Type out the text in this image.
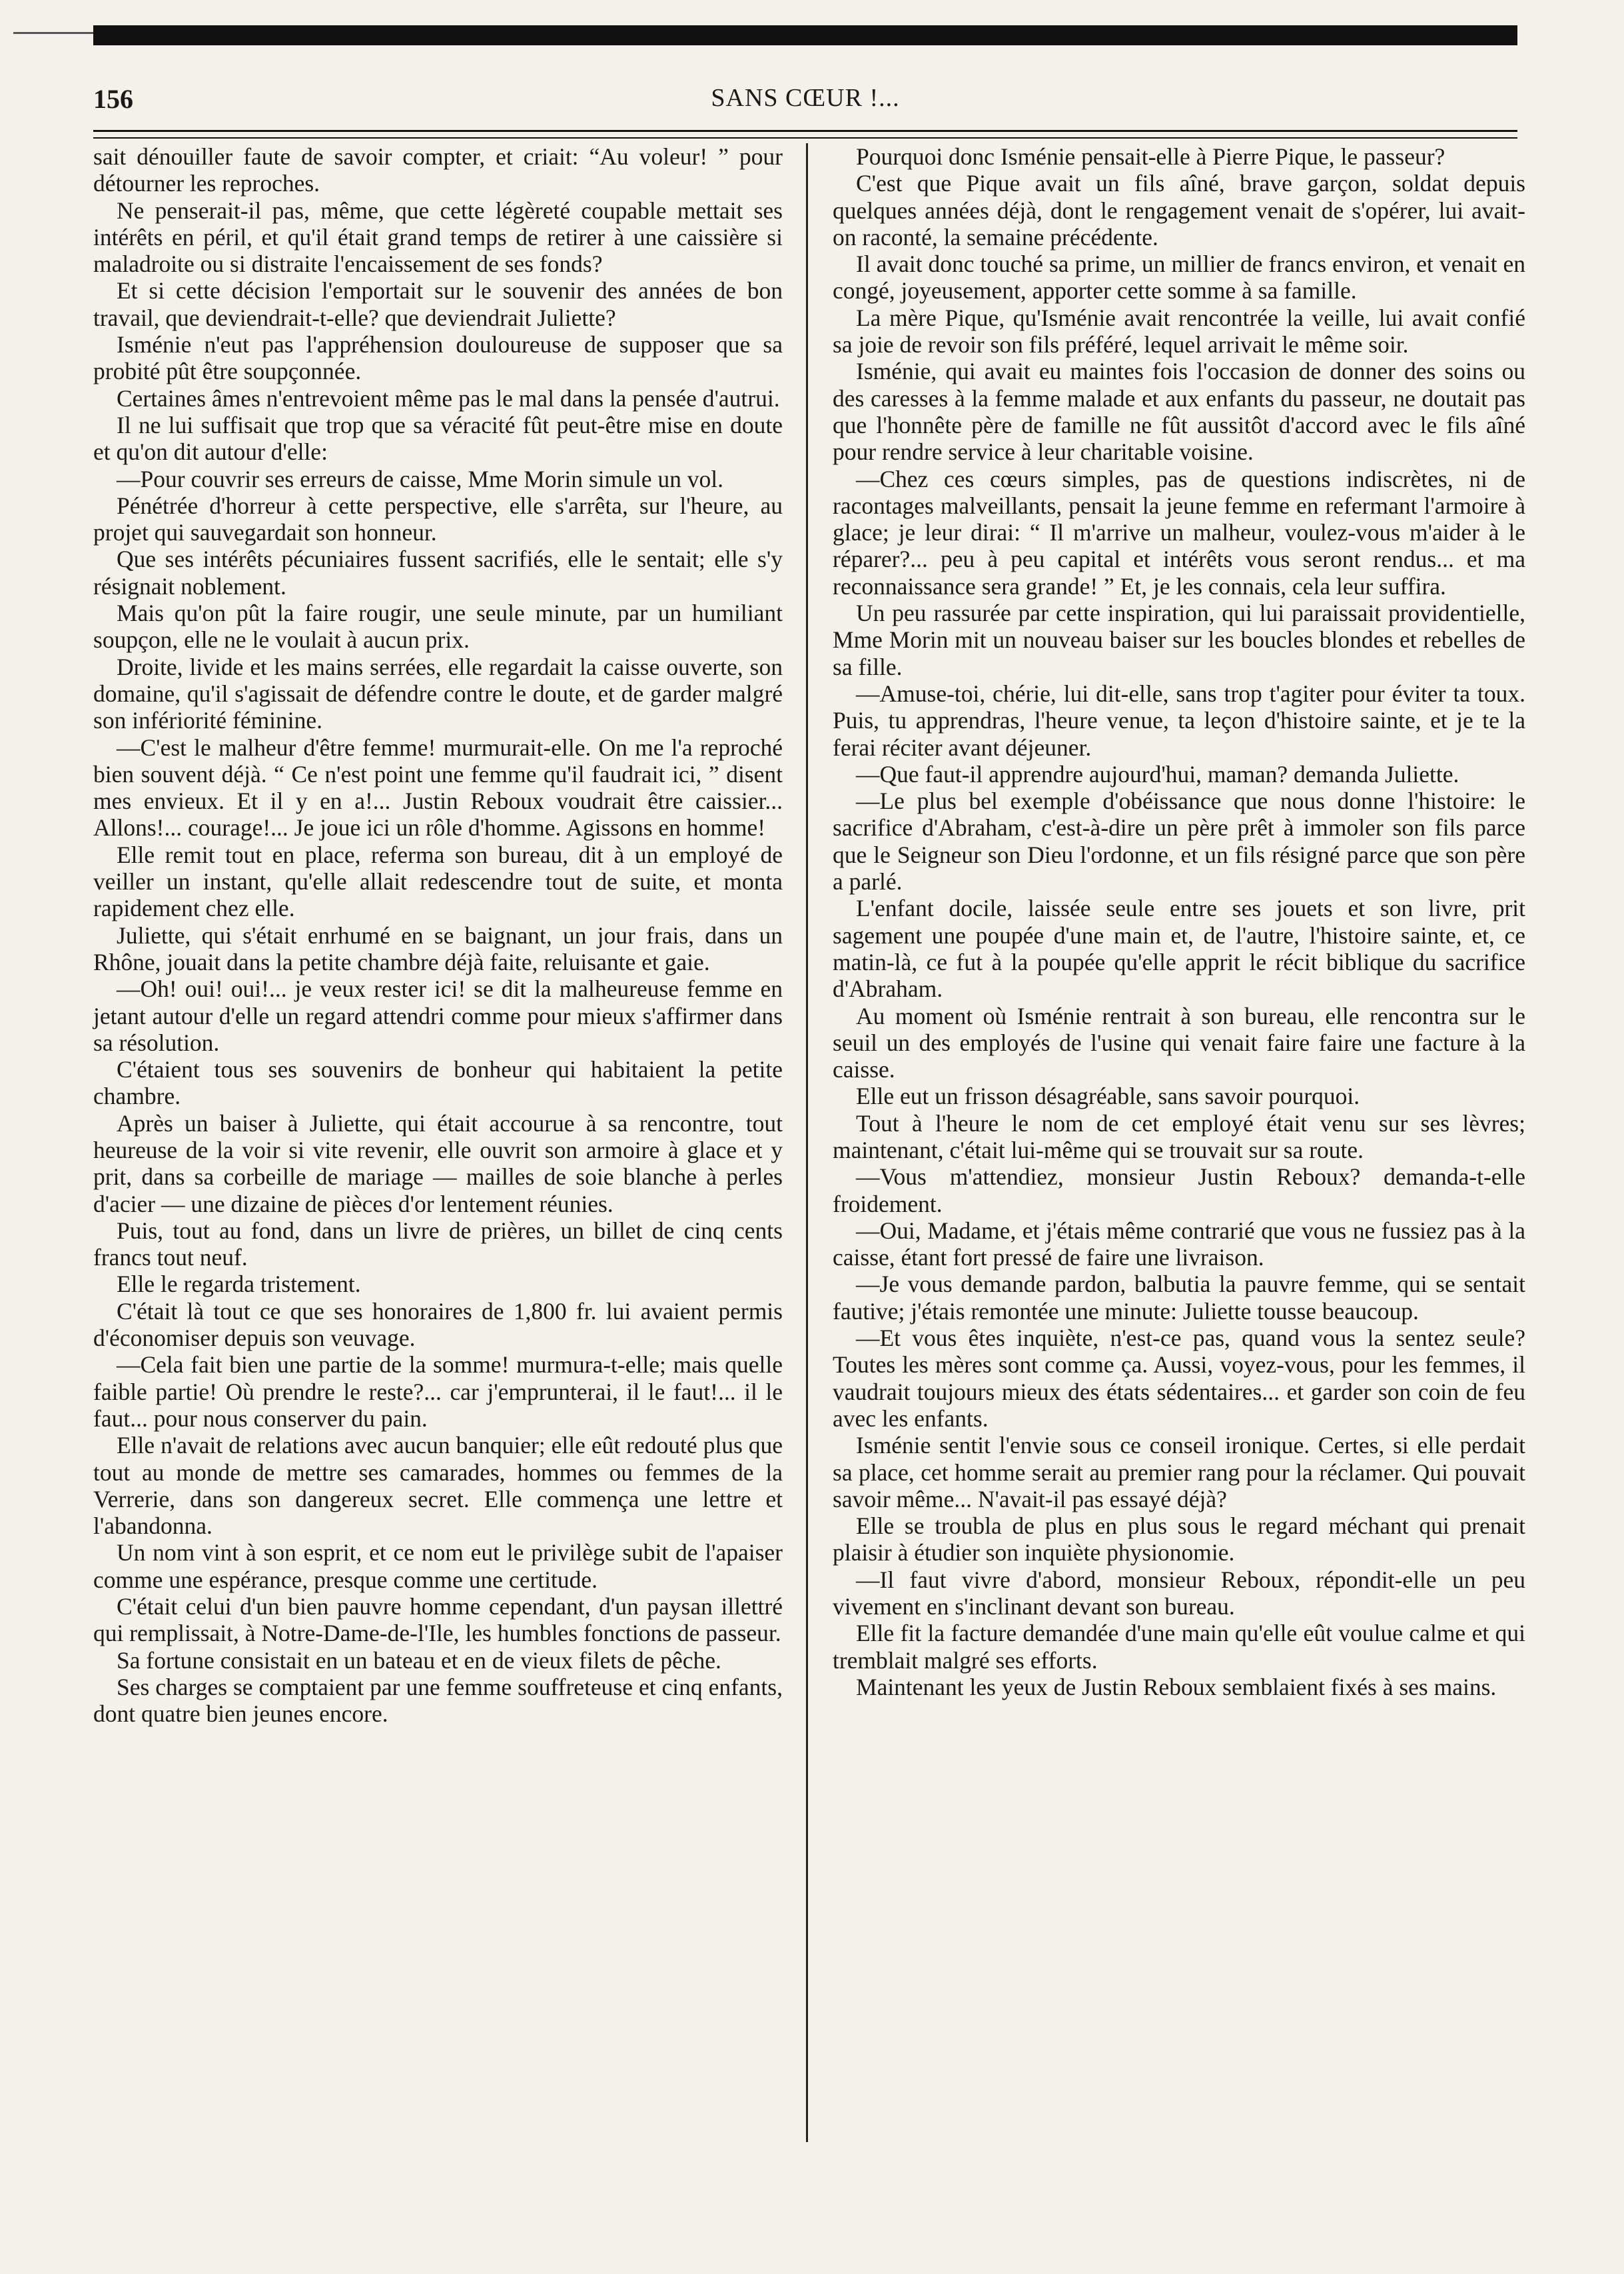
156	SANS CŒUR !...

sait dénouiller faute de savoir compter, et criait: “Au voleur! ” pour détourner les reproches.

Ne penserait-il pas, même, que cette légèreté coupable mettait ses intérêts en péril, et qu'il était grand temps de retirer à une caissière si maladroite ou si distraite l'encaissement de ses fonds?

Et si cette décision l'emportait sur le souvenir des années de bon travail, que deviendrait-t-elle? que deviendrait Juliette?

Isménie n'eut pas l'appréhension douloureuse de supposer que sa probité pût être soupçonnée.

Certaines âmes n'entrevoient même pas le mal dans la pensée d'autrui.

Il ne lui suffisait que trop que sa véracité fût peut-être mise en doute et qu'on dit autour d'elle:

—Pour couvrir ses erreurs de caisse, Mme Morin simule un vol.

Pénétrée d'horreur à cette perspective, elle s'arrêta, sur l'heure, au projet qui sauvegardait son honneur.

Que ses intérêts pécuniaires fussent sacrifiés, elle le sentait; elle s'y résignait noblement.

Mais qu'on pût la faire rougir, une seule minute, par un humiliant soupçon, elle ne le voulait à aucun prix.

Droite, livide et les mains serrées, elle regardait la caisse ouverte, son domaine, qu'il s'agissait de défendre contre le doute, et de garder malgré son infériorité féminine.

—C'est le malheur d'être femme! murmurait-elle. On me l'a reproché bien souvent déjà. “ Ce n'est point une femme qu'il faudrait ici, ” disent mes envieux. Et il y en a!... Justin Reboux voudrait être caissier... Allons!... courage!... Je joue ici un rôle d'homme. Agissons en homme!

Elle remit tout en place, referma son bureau, dit à un employé de veiller un instant, qu'elle allait redescendre tout de suite, et monta rapidement chez elle.

Juliette, qui s'était enrhumé en se baignant, un jour frais, dans un Rhône, jouait dans la petite chambre déjà faite, reluisante et gaie.

—Oh! oui! oui!... je veux rester ici! se dit la malheureuse femme en jetant autour d'elle un regard attendri comme pour mieux s'affirmer dans sa résolution.

C'étaient tous ses souvenirs de bonheur qui habitaient la petite chambre.

Après un baiser à Juliette, qui était accourue à sa rencontre, tout heureuse de la voir si vite revenir, elle ouvrit son armoire à glace et y prit, dans sa corbeille de mariage — mailles de soie blanche à perles d'acier — une dizaine de pièces d'or lentement réunies.

Puis, tout au fond, dans un livre de prières, un billet de cinq cents francs tout neuf.

Elle le regarda tristement.

C'était là tout ce que ses honoraires de 1,800 fr. lui avaient permis d'économiser depuis son veuvage.

—Cela fait bien une partie de la somme! murmura-t-elle; mais quelle faible partie! Où prendre le reste?... car j'emprunterai, il le faut!... il le faut... pour nous conserver du pain.

Elle n'avait de relations avec aucun banquier; elle eût redouté plus que tout au monde de mettre ses camarades, hommes ou femmes de la Verrerie, dans son dangereux secret. Elle commença une lettre et l'abandonna.

Un nom vint à son esprit, et ce nom eut le privilège subit de l'apaiser comme une espérance, presque comme une certitude.

C'était celui d'un bien pauvre homme cependant, d'un paysan illettré qui remplissait, à Notre-Dame-de-l'Ile, les humbles fonctions de passeur.

Sa fortune consistait en un bateau et en de vieux filets de pêche.

Ses charges se comptaient par une femme souffreteuse et cinq enfants, dont quatre bien jeunes encore.

Pourquoi donc Isménie pensait-elle à Pierre Pique, le passeur?

C'est que Pique avait un fils aîné, brave garçon, soldat depuis quelques années déjà, dont le rengagement venait de s'opérer, lui avait-on raconté, la semaine précédente.

Il avait donc touché sa prime, un millier de francs environ, et venait en congé, joyeusement, apporter cette somme à sa famille.

La mère Pique, qu'Isménie avait rencontrée la veille, lui avait confié sa joie de revoir son fils préféré, lequel arrivait le même soir.

Isménie, qui avait eu maintes fois l'occasion de donner des soins ou des caresses à la femme malade et aux enfants du passeur, ne doutait pas que l'honnête père de famille ne fût aussitôt d'accord avec le fils aîné pour rendre service à leur charitable voisine.

—Chez ces cœurs simples, pas de questions indiscrètes, ni de racontages malveillants, pensait la jeune femme en refermant l'armoire à glace; je leur dirai: “ Il m'arrive un malheur, voulez-vous m'aider à le réparer?... peu à peu capital et intérêts vous seront rendus... et ma reconnaissance sera grande! ” Et, je les connais, cela leur suffira.

Un peu rassurée par cette inspiration, qui lui paraissait providentielle, Mme Morin mit un nouveau baiser sur les boucles blondes et rebelles de sa fille.

—Amuse-toi, chérie, lui dit-elle, sans trop t'agiter pour éviter ta toux. Puis, tu apprendras, l'heure venue, ta leçon d'histoire sainte, et je te la ferai réciter avant déjeuner.

—Que faut-il apprendre aujourd'hui, maman? demanda Juliette.

—Le plus bel exemple d'obéissance que nous donne l'histoire: le sacrifice d'Abraham, c'est-à-dire un père prêt à immoler son fils parce que le Seigneur son Dieu l'ordonne, et un fils résigné parce que son père a parlé.

L'enfant docile, laissée seule entre ses jouets et son livre, prit sagement une poupée d'une main et, de l'autre, l'histoire sainte, et, ce matin-là, ce fut à la poupée qu'elle apprit le récit biblique du sacrifice d'Abraham.

Au moment où Isménie rentrait à son bureau, elle rencontra sur le seuil un des employés de l'usine qui venait faire faire une facture à la caisse.

Elle eut un frisson désagréable, sans savoir pourquoi.

Tout à l'heure le nom de cet employé était venu sur ses lèvres; maintenant, c'était lui-même qui se trouvait sur sa route.

—Vous m'attendiez, monsieur Justin Reboux? demanda-t-elle froidement.

—Oui, Madame, et j'étais même contrarié que vous ne fussiez pas à la caisse, étant fort pressé de faire une livraison.

—Je vous demande pardon, balbutia la pauvre femme, qui se sentait fautive; j'étais remontée une minute: Juliette tousse beaucoup.

—Et vous êtes inquiète, n'est-ce pas, quand vous la sentez seule? Toutes les mères sont comme ça. Aussi, voyez-vous, pour les femmes, il vaudrait toujours mieux des états sédentaires... et garder son coin de feu avec les enfants.

Isménie sentit l'envie sous ce conseil ironique. Certes, si elle perdait sa place, cet homme serait au premier rang pour la réclamer. Qui pouvait savoir même... N'avait-il pas essayé déjà?

Elle se troubla de plus en plus sous le regard méchant qui prenait plaisir à étudier son inquiète physionomie.

—Il faut vivre d'abord, monsieur Reboux, répondit-elle un peu vivement en s'inclinant devant son bureau.

Elle fit la facture demandée d'une main qu'elle eût voulue calme et qui tremblait malgré ses efforts.

Maintenant les yeux de Justin Reboux semblaient fixés à ses mains.
